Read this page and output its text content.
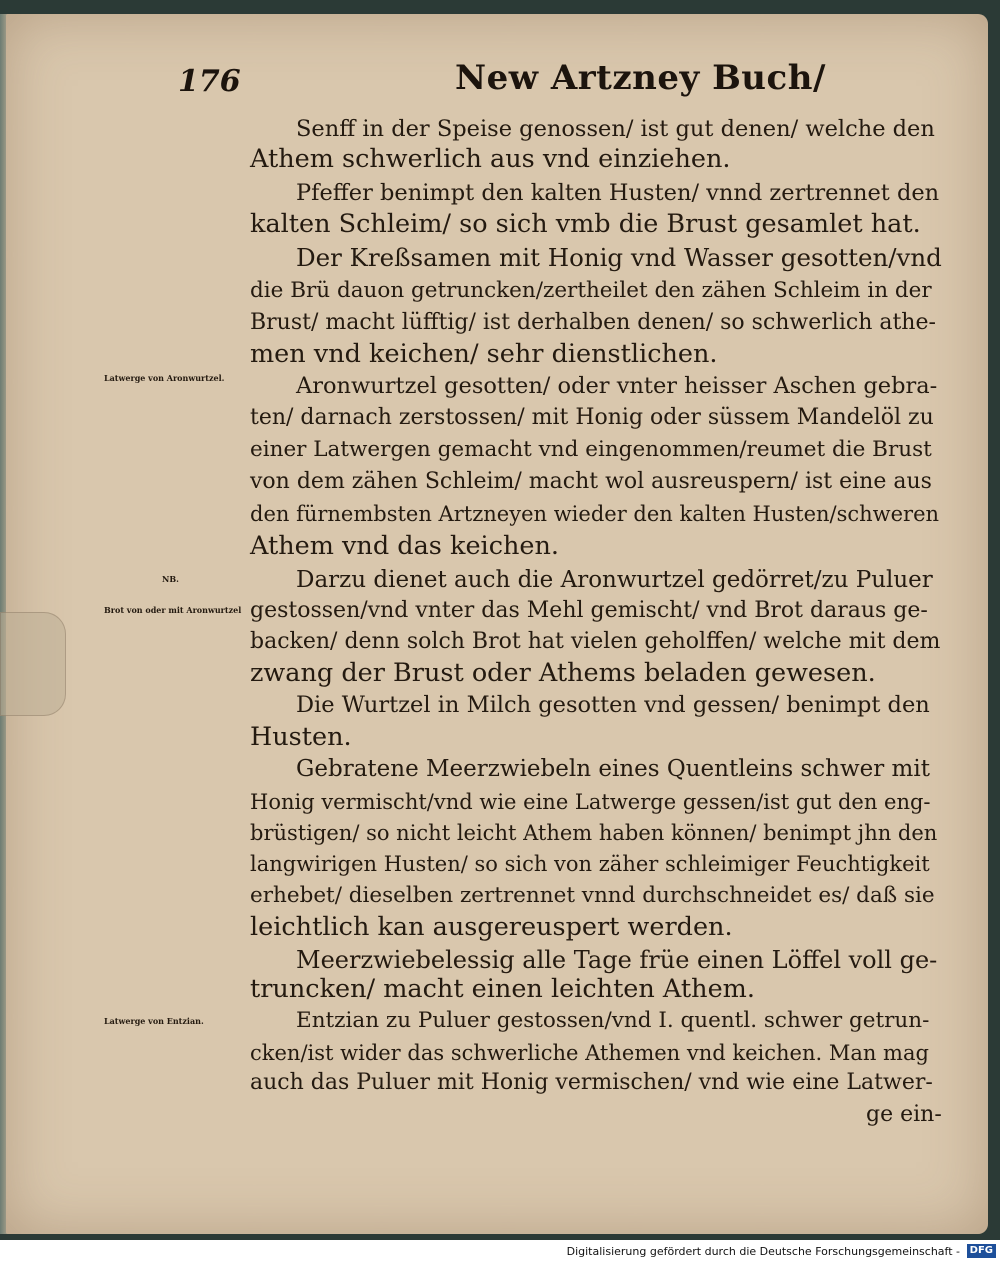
176	New Artzney Buch/
Latwerge von Aronwurtzel.
NB.
Brot von oder mit Aronwurtzel
Latwerge von Entzian.
Senff in der Speise genossen/ ist gut denen/ welche den
Athem schwerlich aus vnd einziehen.
Pfeffer benimpt den kalten Husten/ vnnd zertrennet den
kalten Schleim/ so sich vmb die Brust gesamlet hat.
Der Kreßsamen mit Honig vnd Wasser gesotten/vnd
die Brü dauon getruncken/zertheilet den zähen Schleim in der
Brust/ macht lüfftig/ ist derhalben denen/ so schwerlich athe-
men vnd keichen/ sehr dienstlichen.
Aronwurtzel gesotten/ oder vnter heisser Aschen gebra-
ten/ darnach zerstossen/ mit Honig oder süssem Mandelöl zu
einer Latwergen gemacht vnd eingenommen/reumet die Brust
von dem zähen Schleim/ macht wol ausreuspern/ ist eine aus
den fürnembsten Artzneyen wieder den kalten Husten/schweren
Athem vnd das keichen.
Darzu dienet auch die Aronwurtzel gedörret/zu Puluer
gestossen/vnd vnter das Mehl gemischt/ vnd Brot daraus ge-
backen/ denn solch Brot hat vielen geholffen/ welche mit dem
zwang der Brust oder Athems beladen gewesen.
Die Wurtzel in Milch gesotten vnd gessen/ benimpt den
Husten.
Gebratene Meerzwiebeln eines Quentleins schwer mit
Honig vermischt/vnd wie eine Latwerge gessen/ist gut den eng-
brüstigen/ so nicht leicht Athem haben können/ benimpt jhn den
langwirigen Husten/ so sich von zäher schleimiger Feuchtigkeit
erhebet/ dieselben zertrennet vnnd durchschneidet es/ daß sie
leichtlich kan ausgereuspert werden.
Meerzwiebelessig alle Tage früe einen Löffel voll ge-
truncken/ macht einen leichten Athem.
Entzian zu Puluer gestossen/vnd I. quentl. schwer getrun-
cken/ist wider das schwerliche Athemen vnd keichen. Man mag
auch das Puluer mit Honig vermischen/ vnd wie eine Latwer-
ge ein-
Digitalisierung gefördert durch die Deutsche Forschungsgemeinschaft - DFG
